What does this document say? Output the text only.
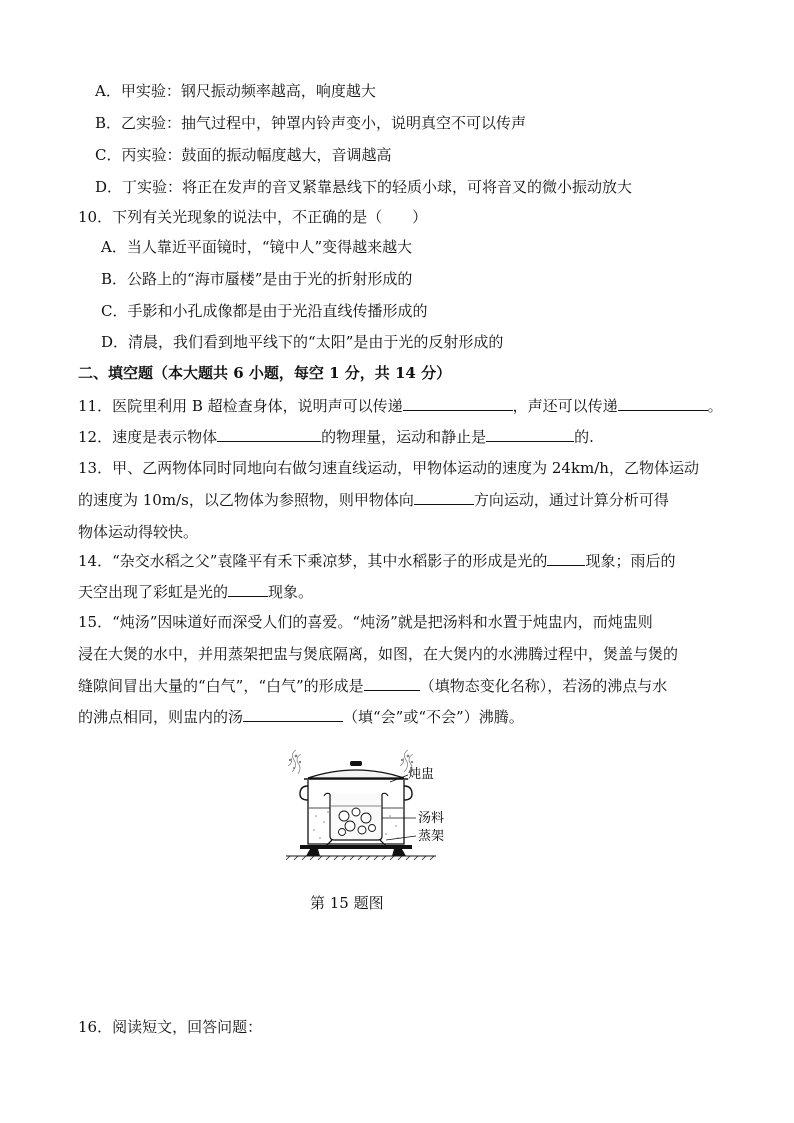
A．甲实验：钢尺振动频率越高，响度越大
B．乙实验：抽气过程中，钟罩内铃声变小，说明真空不可以传声
C．丙实验：鼓面的振动幅度越大，音调越高
D．丁实验：将正在发声的音叉紧靠悬线下的轻质小球，可将音叉的微小振动放大
10．下列有关光现象的说法中，不正确的是（　　）
A．当人靠近平面镜时，“镜中人”变得越来越大
B．公路上的“海市蜃楼”是由于光的折射形成的
C．手影和小孔成像都是由于光沿直线传播形成的
D．清晨，我们看到地平线下的“太阳”是由于光的反射形成的
二、填空题（本大题共 6 小题，每空 1 分，共 14 分）
11．医院里利用 B 超检查身体，说明声可以传递	，声还可以传递	。
12．速度是表示物体	的物理量，运动和静止是	的.
13．甲、乙两物体同时同地向右做匀速直线运动，甲物体运动的速度为 24km/h，乙物体运动
的速度为 10m/s，以乙物体为参照物，则甲物体向	方向运动，通过计算分析可得
物体运动得较快。
14．“杂交水稻之父”袁隆平有禾下乘凉梦，其中水稻影子的形成是光的	现象；雨后的
天空出现了彩虹是光的	现象。
15．“炖汤”因味道好而深受人们的喜爱。“炖汤”就是把汤料和水置于炖盅内，而炖盅则
浸在大煲的水中，并用蒸架把盅与煲底隔离，如图，在大煲内的水沸腾过程中，煲盖与煲的
缝隙间冒出大量的“白气”，“白气”的形成是	（填物态变化名称），若汤的沸点与水
的沸点相同，则盅内的汤	（填“会”或“不会”）沸腾。
炖盅
汤料
蒸架
第 15 题图
16．阅读短文，回答问题：
